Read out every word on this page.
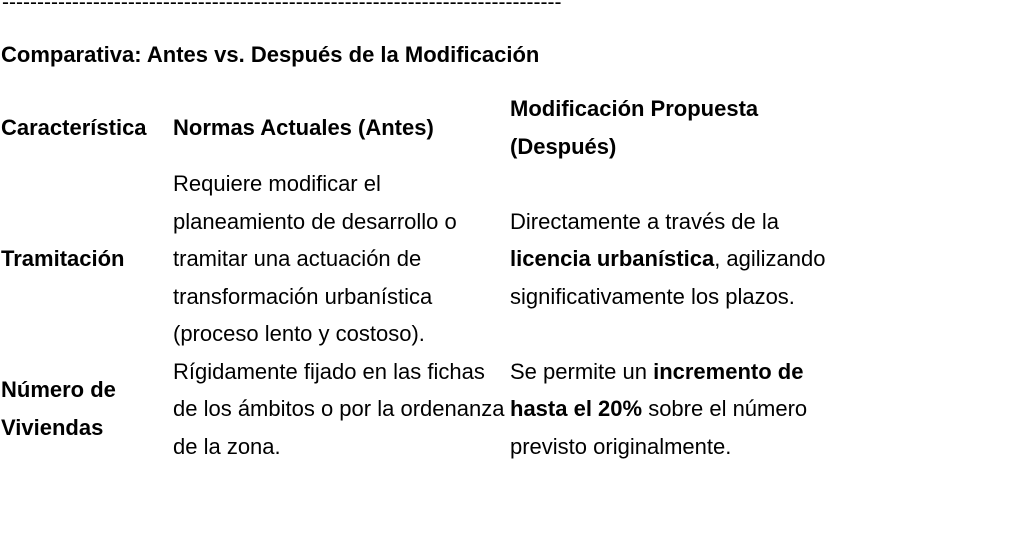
--------------------------------------------------------------------------------
Comparativa: Antes vs. Después de la Modificación
Característica	Normas Actuales (Antes)	Modificación Propuesta (Después)
Tramitación	Requiere modificar el planeamiento de desarrollo o tramitar una actuación de transformación urbanística (proceso lento y costoso).	Directamente a través de la licencia urbanística, agilizando significativamente los plazos.
Número de Viviendas	Rígidamente fijado en las fichas de los ámbitos o por la ordenanza de la zona.	Se permite un incremento de hasta el 20% sobre el número previsto originalmente.
